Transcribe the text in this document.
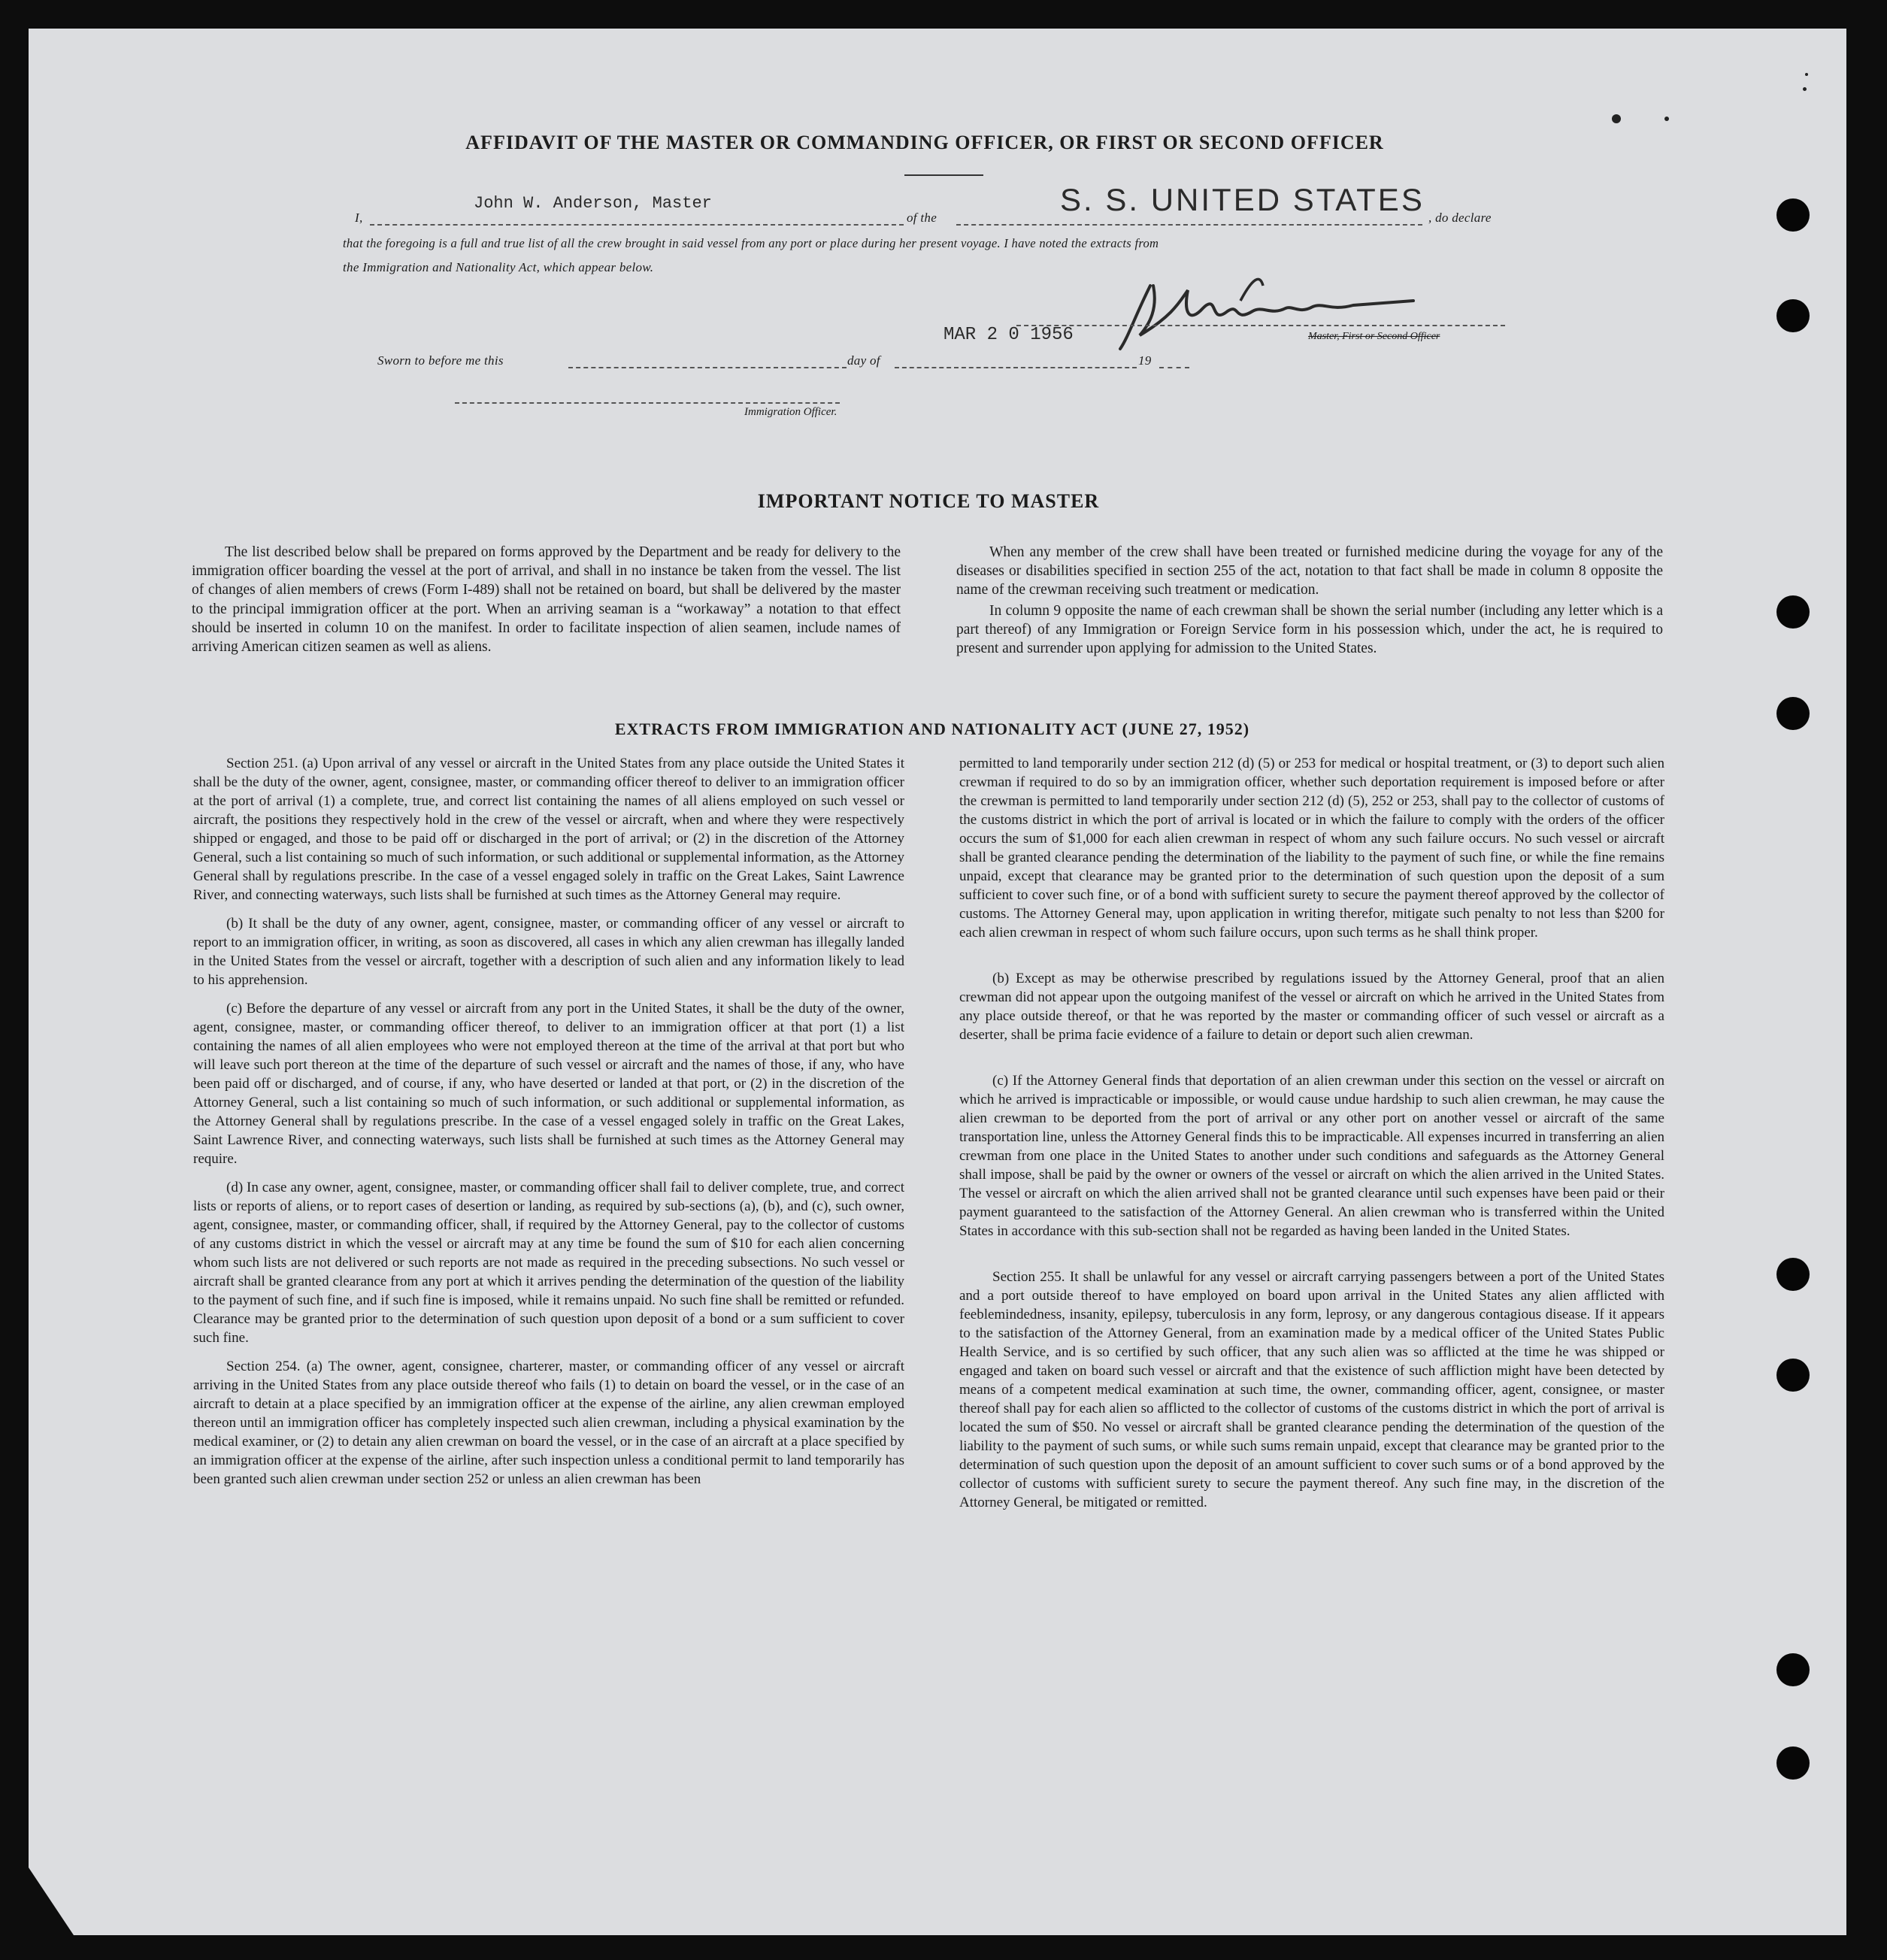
AFFIDAVIT OF THE MASTER OR COMMANDING OFFICER, OR FIRST OR SECOND OFFICER
I,
John W. Anderson, Master
of the
S. S. UNITED STATES
, do declare

that the foregoing is a full and true list of all the crew brought in said vessel from any port or place during her present voyage. I have noted the extracts from

the Immigration and Nationality Act, which appear below.

Master, First or Second Officer
MAR 2 0 1956
Sworn to before me this	day of	19
Immigration Officer.
IMPORTANT NOTICE TO MASTER

The list described below shall be prepared on forms approved by the Department and be ready for delivery to the immigration officer boarding the vessel at the port of arrival, and shall in no instance be taken from the vessel. The list of changes of alien members of crews (Form I-489) shall not be retained on board, but shall be delivered by the master to the principal immigration officer at the port. When an arriving seaman is a “workaway” a notation to that effect should be inserted in column 10 on the manifest. In order to facilitate inspection of alien seamen, include names of arriving American citizen seamen as well as aliens.

When any member of the crew shall have been treated or furnished medicine during the voyage for any of the diseases or disabilities specified in section 255 of the act, notation to that fact shall be made in column 8 opposite the name of the crewman receiving such treatment or medication.

In column 9 opposite the name of each crewman shall be shown the serial number (including any letter which is a part thereof) of any Immigration or Foreign Service form in his possession which, under the act, he is required to present and surrender upon applying for admission to the United States.

EXTRACTS FROM IMMIGRATION AND NATIONALITY ACT (JUNE 27, 1952)

Section 251. (a) Upon arrival of any vessel or aircraft in the United States from any place outside the United States it shall be the duty of the owner, agent, consignee, master, or commanding officer thereof to deliver to an immigration officer at the port of arrival (1) a complete, true, and correct list containing the names of all aliens employed on such vessel or aircraft, the positions they respectively hold in the crew of the vessel or aircraft, when and where they were respectively shipped or engaged, and those to be paid off or discharged in the port of arrival; or (2) in the discretion of the Attorney General, such a list containing so much of such information, or such additional or supplemental information, as the Attorney General shall by regulations prescribe. In the case of a vessel engaged solely in traffic on the Great Lakes, Saint Lawrence River, and connecting waterways, such lists shall be furnished at such times as the Attorney General may require.

(b) It shall be the duty of any owner, agent, consignee, master, or commanding officer of any vessel or aircraft to report to an immigration officer, in writing, as soon as discovered, all cases in which any alien crewman has illegally landed in the United States from the vessel or aircraft, together with a description of such alien and any information likely to lead to his apprehension.

(c) Before the departure of any vessel or aircraft from any port in the United States, it shall be the duty of the owner, agent, consignee, master, or commanding officer thereof, to deliver to an immigration officer at that port (1) a list containing the names of all alien employees who were not employed thereon at the time of the arrival at that port but who will leave such port thereon at the time of the departure of such vessel or aircraft and the names of those, if any, who have been paid off or discharged, and of course, if any, who have deserted or landed at that port, or (2) in the discretion of the Attorney General, such a list containing so much of such information, or such additional or supplemental information, as the Attorney General shall by regulations prescribe. In the case of a vessel engaged solely in traffic on the Great Lakes, Saint Lawrence River, and connecting waterways, such lists shall be furnished at such times as the Attorney General may require.

(d) In case any owner, agent, consignee, master, or commanding officer shall fail to deliver complete, true, and correct lists or reports of aliens, or to report cases of desertion or landing, as required by sub-sections (a), (b), and (c), such owner, agent, consignee, master, or commanding officer, shall, if required by the Attorney General, pay to the collector of customs of any customs district in which the vessel or aircraft may at any time be found the sum of $10 for each alien concerning whom such lists are not delivered or such reports are not made as required in the preceding subsections. No such vessel or aircraft shall be granted clearance from any port at which it arrives pending the determination of the question of the liability to the payment of such fine, and if such fine is imposed, while it remains unpaid. No such fine shall be remitted or refunded. Clearance may be granted prior to the determination of such question upon deposit of a bond or a sum sufficient to cover such fine.

Section 254. (a) The owner, agent, consignee, charterer, master, or commanding officer of any vessel or aircraft arriving in the United States from any place outside thereof who fails (1) to detain on board the vessel, or in the case of an aircraft to detain at a place specified by an immigration officer at the expense of the airline, any alien crewman employed thereon until an immigration officer has completely inspected such alien crewman, including a physical examination by the medical examiner, or (2) to detain any alien crewman on board the vessel, or in the case of an aircraft at a place specified by an immigration officer at the expense of the airline, after such inspection unless a conditional permit to land temporarily has been granted such alien crewman under section 252 or unless an alien crewman has been

permitted to land temporarily under section 212 (d) (5) or 253 for medical or hospital treatment, or (3) to deport such alien crewman if required to do so by an immigration officer, whether such deportation requirement is imposed before or after the crewman is permitted to land temporarily under section 212 (d) (5), 252 or 253, shall pay to the collector of customs of the customs district in which the port of arrival is located or in which the failure to comply with the orders of the officer occurs the sum of $1,000 for each alien crewman in respect of whom any such failure occurs. No such vessel or aircraft shall be granted clearance pending the determination of the liability to the payment of such fine, or while the fine remains unpaid, except that clearance may be granted prior to the determination of such question upon the deposit of a sum sufficient to cover such fine, or of a bond with sufficient surety to secure the payment thereof approved by the collector of customs. The Attorney General may, upon application in writing therefor, mitigate such penalty to not less than $200 for each alien crewman in respect of whom such failure occurs, upon such terms as he shall think proper.

(b) Except as may be otherwise prescribed by regulations issued by the Attorney General, proof that an alien crewman did not appear upon the outgoing manifest of the vessel or aircraft on which he arrived in the United States from any place outside thereof, or that he was reported by the master or commanding officer of such vessel or aircraft as a deserter, shall be prima facie evidence of a failure to detain or deport such alien crewman.

(c) If the Attorney General finds that deportation of an alien crewman under this section on the vessel or aircraft on which he arrived is impracticable or impossible, or would cause undue hardship to such alien crewman, he may cause the alien crewman to be deported from the port of arrival or any other port on another vessel or aircraft of the same transportation line, unless the Attorney General finds this to be impracticable. All expenses incurred in transferring an alien crewman from one place in the United States to another under such conditions and safeguards as the Attorney General shall impose, shall be paid by the owner or owners of the vessel or aircraft on which the alien arrived in the United States. The vessel or aircraft on which the alien arrived shall not be granted clearance until such expenses have been paid or their payment guaranteed to the satisfaction of the Attorney General. An alien crewman who is transferred within the United States in accordance with this sub-section shall not be regarded as having been landed in the United States.

Section 255. It shall be unlawful for any vessel or aircraft carrying passengers between a port of the United States and a port outside thereof to have employed on board upon arrival in the United States any alien afflicted with feeblemindedness, insanity, epilepsy, tuberculosis in any form, leprosy, or any dangerous contagious disease. If it appears to the satisfaction of the Attorney General, from an examination made by a medical officer of the United States Public Health Service, and is so certified by such officer, that any such alien was so afflicted at the time he was shipped or engaged and taken on board such vessel or aircraft and that the existence of such affliction might have been detected by means of a competent medical examination at such time, the owner, commanding officer, agent, consignee, or master thereof shall pay for each alien so afflicted to the collector of customs of the customs district in which the port of arrival is located the sum of $50. No vessel or aircraft shall be granted clearance pending the determination of the question of the liability to the payment of such sums, or while such sums remain unpaid, except that clearance may be granted prior to the determination of such question upon the deposit of an amount sufficient to cover such sums or of a bond approved by the collector of customs with sufficient surety to secure the payment thereof. Any such fine may, in the discretion of the Attorney General, be mitigated or remitted.
